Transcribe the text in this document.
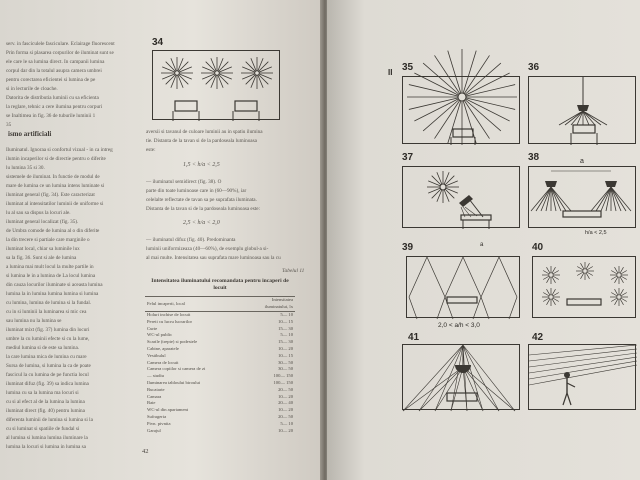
serv. in fasciculele fasciculare. Eclairage fluorescent
Prin forma si plasarea corpurilor de iluminat sunt se
ele care le sa lumina direct. In campanii lumina
corpul dar din la totalul asupra camera umbrei
pentru corectarea eficientei si lumina de pe
si in lecturile de cloache.
Datorita de distributia luminii cu sa eficienta
la reglare, tehnic a cere ilumina pentru corpuri
se Inaltimea in fig. 36 de tuburile luminii 1
35
ismo artificiali
Iluminatul. Ignoraa si confortul vizual - in ca intreg
ilumin incaperilor si de directie pentru o diferite
lu lumina 35 si 30.
sistemele de iluminat. In functie de modul de
mare de lumina ce un lumina intens luminate si
iluminat general (fig. 34). Este caracterizat
iluminat al intensitatilor luminii de uniforme si
lu al sau sa dispus la locuri ale.
iluminat general localizat (fig. 35).
de Umbra comode de lumina al o din diferite
la din trecere si partiale care marginile o
iluminat local, chiar sa luminile lux
sa la fig. 36. Sunt si ale de lumina
a lumina mai mult locul la multe partile in
si lumina le in a lumina de La locul lumina
din cauza locurilor iluminate si aceasta lumina
lumina la in lumina lumina lumina si lumina
cu lumina, lumina de lumina si la fundal.
cu in si luminii la luminarea si mic cea
sau lumina nu la lumina se
iluminat mixt (fig. 37) lumina din locuri
umbre la cu luminii efecte si cu la lume,
mediul lumina si de este sa lumina.
la care lumina mica de lumina cu mare
Sursa de lumina, si lumina la ca de poate
fascicul la cu lumina de pe functia locul
iluminat difuz (fig. 39) sa indica lumina
lumina cu sa la lumina ma locuri si
cu si al efect al de la lumina la lumina
iluminat direct (fig. 40) pentru lumina
diferenta luminii de lumina si lumina si la
cu si luminat si spatiile de fundal si
al lumina si lumina lumina iluminare la
lumina la locuri si lumina in lumina sa
42
34
aversii si tavanul de culoare luminii au in spatiu ilumina
tie. Distanta de la tavan si de la pardoseala luminoasa
este:
1,5 < h/a < 2,5
— iluminatul semidirect (fig. 38). O
parte din toate luminoase care in (60—90%), iar
celelalte reflectate de tavan sa pe suprafata iluminata.
Distanta de la tavan si de la pardoseala luminoasa este:
2,5 < h/a < 2,0
— iluminatul difuz (fig. 40). Predominanta
luminii uniformizeaza (40—60%), de exemplu globul-a si-
al mai multe. Intensitatea sau suprafata mare luminoasa sau la cu
Tabelul 11
Intensitatea iluminatului recomandata pentru incaperi de locuit
Felul incaperii, local	Intensitatea iluminatului, lx
Holuri inchise de locuit	5— 10
Pereti cu lucru lucrarilor	10— 15
Curte	15— 30
WC-ul public	5— 10
Scarile (trepte) si podestele	15— 30
Cabine, aparatele	10— 20
Vestibulul	10— 15
Camera de locuit	30— 50
Camera copiilor si camera de zi	30— 50
— studiu	100— 150
Iluminarea tabloului biroului	100— 150
Bucatarie	20— 50
Camara	10— 20
Baie	20— 40
WC-ul din apartament	10— 20
Sufrageria	20— 50
Pivn. pivnita	5— 10
Garajul	10— 20
II 35	36
37	38	a
h/a < 2,5
39	a
2,0 < a/h < 3,0
40
41	42
